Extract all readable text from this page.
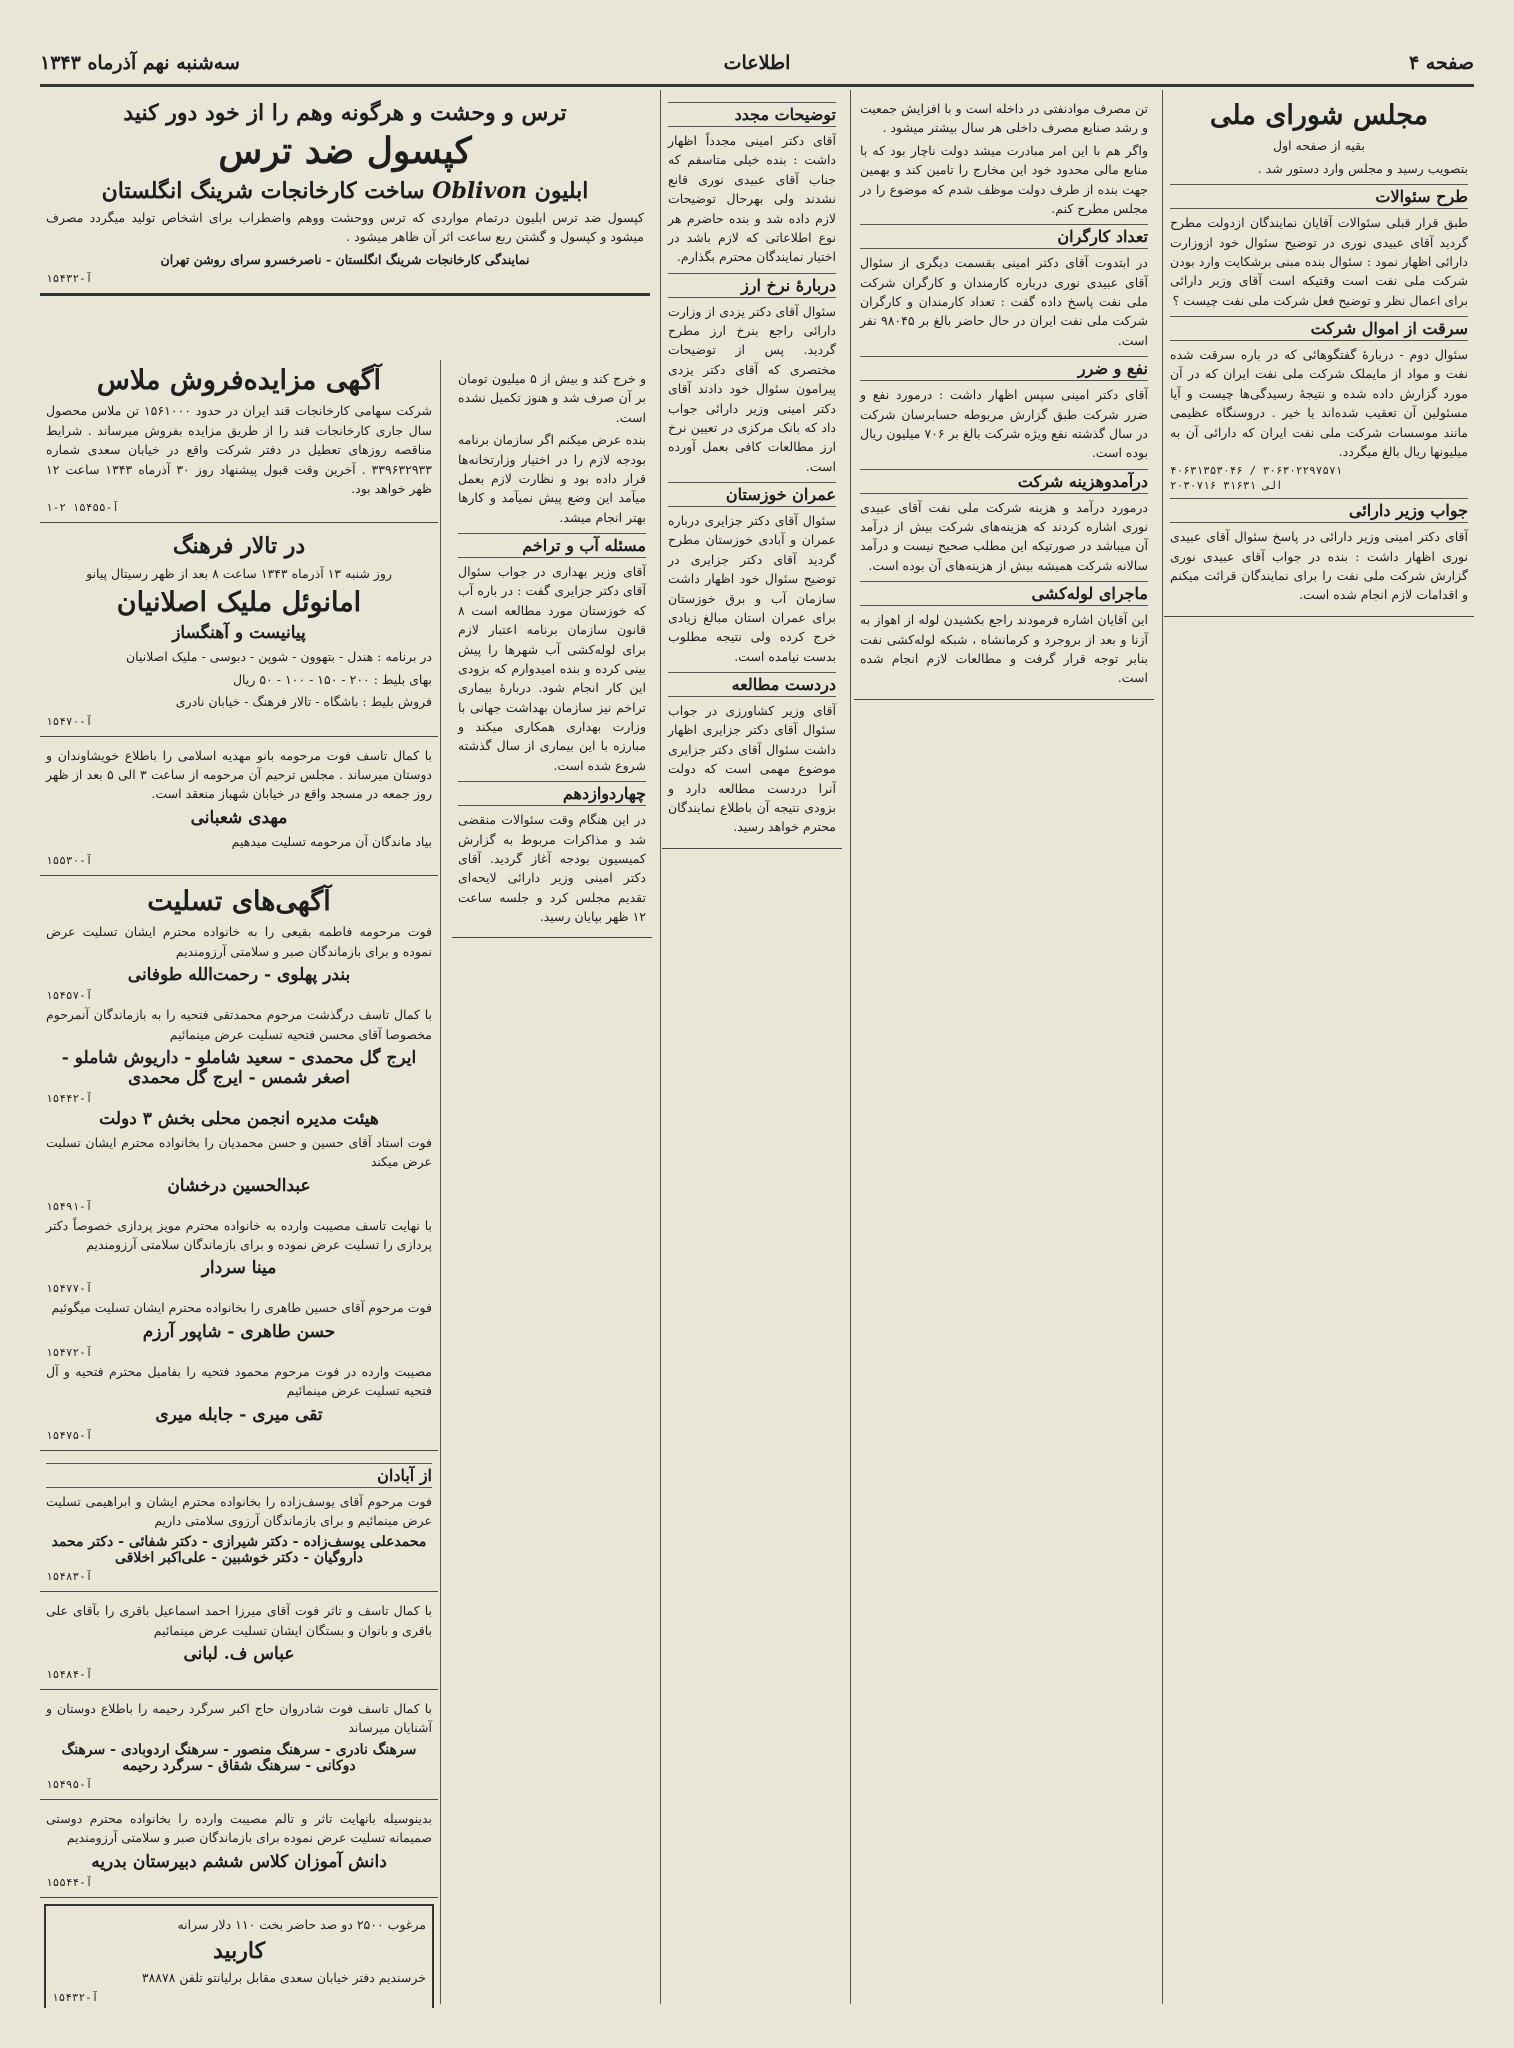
صفحه ۴
اطلاعات
سه‌شنبه نهم آذرماه ۱۳۴۳
مجلس شورای ملی
بقیه از صفحه اول
بتصویب رسید و مجلس وارد دستور شد .
طرح سئوالات
طبق قرار قبلی سئوالات آقایان نمایندگان ازدولت مطرح گردید آقای عبیدی نوری در توضیح سئوال خود ازوزارت دارائی اظهار نمود : سئوال بنده مبنی برشکایت وارد بودن شرکت ملی نفت است وقتیکه است آقای وزیر دارائی برای اعمال نظر و توضیح فعل شرکت ملی نفت چیست ؟
سرقت از اموال شرکت
سئوال دوم - دربارهٔ گفتگوهائی که در باره سرقت شده نفت و مواد از مایملک شرکت ملی نفت ایران که در آن مورد گزارش داده شده و نتیجهٔ رسیدگی‌ها چیست و آیا مسئولین آن تعقیب شده‌اند یا خیر . دروسنگاه عظیمی مانند موسسات شرکت ملی نفت ایران که دارائی آن به میلیونها ریال بالغ میگردد.
۴۰۶۳۱۳۵۳۰۴۶ / ۳۰۶۳۰۲۲۹۷۵۷۱
۲۰۳۰۷۱۶ الی ۳۱۶۳۱
جواب وزیر دارائی
آقای دکتر امینی وزیر دارائی در پاسخ سئوال آقای عبیدی نوری اظهار داشت : بنده در جواب آقای عبیدی نوری گزارش شرکت ملی نفت را برای نمایندگان قرائت میکنم و اقدامات لازم انجام شده است.
تن مصرف موادنفتی در داخله است و با افزایش جمعیت و رشد صنایع مصرف داخلی هر سال بیشتر میشود .
واگر هم با این امر مبادرت میشد دولت ناچار بود که با منابع مالی محدود خود این مخارج را تامین کند و بهمین جهت بنده از طرف دولت موظف شدم که موضوع را در مجلس مطرح کنم.
تعداد کارگران
در ابتدوت آقای دکتر امینی بقسمت دیگری از سئوال آقای عبیدی نوری درباره کارمندان و کارگران شرکت ملی نفت پاسخ داده گفت : تعداد کارمندان و کارگران شرکت ملی نفت ایران در حال حاضر بالغ بر ۹۸۰۴۵ نفر است.
نفع و ضرر
آقای دکتر امینی سپس اظهار داشت : درمورد نفع و ضرر شرکت طبق گزارش مربوطه حسابرسان شرکت در سال گذشته نفع ویژه شرکت بالغ بر ۷۰۶ میلیون ریال بوده است.
درآمدوهزینه شرکت
درمورد درآمد و هزینه شرکت ملی نفت آقای عبیدی نوری اشاره کردند که هزینه‌های شرکت بیش از درآمد آن میباشد در صورتیکه این مطلب صحیح نیست و درآمد سالانه شرکت همیشه بیش از هزینه‌های آن بوده است.
ماجرای لوله‌کشی
این آقایان اشاره فرمودند راجع بکشیدن لوله از اهواز به آزنا و بعد از بروجرد و کرمانشاه ، شبکه لوله‌کشی نفت بنابر توجه قرار گرفت و مطالعات لازم انجام شده است.
توضیحات مجدد
آقای دکتر امینی مجدداً اظهار داشت : بنده خیلی متاسفم که جناب آقای عبیدی نوری قانع نشدند ولی بهرحال توضیحات لازم داده شد و بنده حاضرم هر نوع اطلاعاتی که لازم باشد در اختیار نمایندگان محترم بگذارم.
دربارهٔ نرخ ارز
سئوال آقای دکتر یزدی از وزارت دارائی راجع بنرخ ارز مطرح گردید. پس از توضیحات مختصری که آقای دکتر یزدی پیرامون سئوال خود دادند آقای دکتر امینی وزیر دارائی جواب داد که بانک مرکزی در تعیین نرخ ارز مطالعات کافی بعمل آورده است.
عمران خوزستان
سئوال آقای دکتر جزایری درباره عمران و آبادی خوزستان مطرح گردید آقای دکتر جزایری در توضیح سئوال خود اظهار داشت سازمان آب و برق خوزستان برای عمران استان مبالغ زیادی خرج کرده ولی نتیجه مطلوب بدست نیامده است.
دردست مطالعه
آقای وزیر کشاورزی در جواب سئوال آقای دکتر جزایری اظهار داشت سئوال آقای دکتر جزایری موضوع مهمی است که دولت آنرا دردست مطالعه دارد و بزودی نتیجه آن باطلاع نمایندگان محترم خواهد رسید.
و خرج کند و بیش از ۵ میلیون تومان بر آن صرف شد و هنوز تکمیل نشده است.
بنده عرض میکنم اگر سازمان برنامه بودجه لازم را در اختیار وزارتخانه‌ها قرار داده بود و نظارت لازم بعمل میآمد این وضع پیش نمیآمد و کارها بهتر انجام میشد.
مسئله آب و تراخم
آقای وزیر بهداری در جواب سئوال آقای دکتر جزایری گفت : در باره آب که خوزستان مورد مطالعه است ۸ قانون سازمان برنامه اعتبار لازم برای لوله‌کشی آب شهرها را پیش بینی کرده و بنده امیدوارم که بزودی این کار انجام شود. دربارهٔ بیماری تراخم نیز سازمان بهداشت جهانی با وزارت بهداری همکاری میکند و مبارزه با این بیماری از سال گذشته شروع شده است.
چهاردوازدهم
در این هنگام وقت سئوالات منقضی شد و مذاکرات مربوط به گزارش کمیسیون بودجه آغاز گردید. آقای دکتر امینی وزیر دارائی لایحه‌ای تقدیم مجلس کرد و جلسه ساعت ۱۲ ظهر بپایان رسید.
ترس و وحشت و هرگونه وهم را از خود دور کنید
کپسول ضد ترس
ابلیون Oblivon ساخت کارخانجات شرینگ انگلستان
کپسول ضد ترس ابلیون درتمام مواردی که ترس ووحشت ووهم واضطراب برای اشخاص تولید میگردد مصرف میشود و کپسول و گشتن ربع ساعت اثر آن ظاهر میشود .
نمایندگی کارخانجات شرینگ انگلستان - ناصرخسرو سرای روشن تهران
آ-۱۵۴۳۲
آگهی مزایده‌فروش ملاس
شرکت سهامی کارخانجات قند ایران در حدود ۱۵۶۱۰۰۰ تن ملاس محصول سال جاری کارخانجات قند را از طریق مزایده بفروش میرساند . شرایط مناقصه روزهای تعطیل در دفتر شرکت واقع در خیابان سعدی شماره ۳۳۹۶۳۲۹۳۳ . آخرین وقت قبول پیشنهاد روز ۳۰ آذرماه ۱۳۴۳ ساعت ۱۲ ظهر خواهد بود.
آ-۱۵۴۵۵ ۲-۱
در تالار فرهنگ
روز شنبه ۱۳ آذرماه ۱۳۴۳ ساعت ۸ بعد از ظهر رسیتال پیانو
امانوئل ملیک اصلانیان
پیانیست و آهنگساز
در برنامه : هندل - بتهوون - شوپن - دبوسی - ملیک اصلانیان
بهای بلیط : ۲۰۰ - ۱۵۰ - ۱۰۰ - ۵۰ ریال
فروش بلیط : باشگاه - تالار فرهنگ - خیابان نادری
آ-۱۵۴۷۰
با کمال تاسف فوت مرحومه بانو مهدیه اسلامی را باطلاع خویشاوندان و دوستان میرساند . مجلس ترحیم آن مرحومه از ساعت ۳ الی ۵ بعد از ظهر روز جمعه در مسجد واقع در خیابان شهباز منعقد است.
مهدی شعبانی
بیاد ماندگان آن مرحومه تسلیت میدهیم
آ-۱۵۵۳۰
آگهی‌های تسلیت
فوت مرحومه فاطمه بقیعی را به خانواده محترم ایشان تسلیت عرض نموده و برای بازماندگان صبر و سلامتی آرزومندیم
بندر پهلوی - رحمت‌الله طوفانی
آ-۱۵۴۵۷
با کمال تاسف درگذشت مرحوم محمدتقی فتحیه را به بازماندگان آنمرحوم مخصوصا آقای محسن فتحیه تسلیت عرض مینمائیم
ایرج گل محمدی - سعید شاملو - داریوش شاملو - اصغر شمس - ایرج گل محمدی
آ-۱۵۴۴۲
هیئت مدیره انجمن محلی بخش ۳ دولت
فوت استاد آقای حسین و حسن محمدیان را بخانواده محترم ایشان تسلیت عرض میکند
عبدالحسین درخشان
آ-۱۵۴۹۱
با نهایت تاسف مصیبت وارده به خانواده محترم مویز پردازی خصوصاً دکتر پردازی را تسلیت عرض نموده و برای بازماندگان سلامتی آرزومندیم
مینا سردار
آ-۱۵۴۷۷
فوت مرحوم آقای حسین طاهری را بخانواده محترم ایشان تسلیت میگوئیم
حسن طاهری - شاپور آرزم
آ-۱۵۴۷۲
مصیبت وارده در فوت مرحوم محمود فتحیه را بفامیل محترم فتحیه و آل فتحیه تسلیت عرض مینمائیم
تقی میری - جابله میری
آ-۱۵۴۷۵
از آبادان
فوت مرحوم آقای یوسف‌زاده را بخانواده محترم ایشان و ابراهیمی تسلیت عرض مینمائیم و برای بازماندگان آرزوی سلامتی داریم
محمدعلی یوسف‌زاده - دکتر شیرازی - دکتر شفائی - دکتر محمد داروگیان - دکتر خوشبین - علی‌اکبر اخلاقی
آ-۱۵۴۸۳
با کمال تاسف و تاثر فوت آقای میرزا احمد اسماعیل باقری را بآقای علی باقری و بانوان و بستگان ایشان تسلیت عرض مینمائیم
عباس ف. لبانی
آ-۱۵۴۸۴
با کمال تاسف فوت شادروان حاج اکبر سرگرد رحیمه را باطلاع دوستان و آشنایان میرساند
سرهنگ نادری - سرهنگ منصور - سرهنگ اردوبادی - سرهنگ دوکانی - سرهنگ شقاق - سرگرد رحیمه
آ-۱۵۴۹۵
بدینوسیله بانهایت تاثر و تالم مصیبت وارده را بخانواده محترم دوستی صمیمانه تسلیت عرض نموده برای بازماندگان صبر و سلامتی آرزومندیم
دانش آموزان کلاس ششم دبیرستان بدریه
آ-۱۵۵۴۴
مرغوب ۲۵۰۰ دو صد حاضر بخت ۱۱۰ دلار سرانه
کاربید
خرسندیم دفتر خیابان سعدی مقابل برلیانتو تلفن ۳۸۸۷۸
آ-۱۵۴۳۲
